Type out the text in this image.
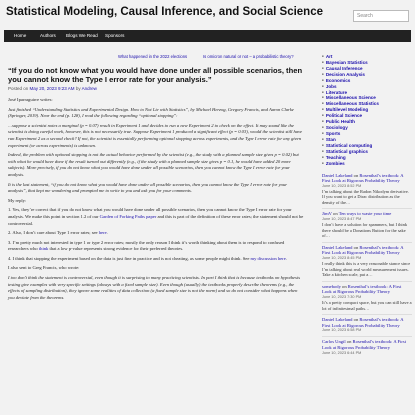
Statistical Modeling, Causal Inference, and Social Science	Search
Home	Authors Blogs We Read Sponsors
What happened in the 2022 elections	Is omicron natural or not – a probabilistic theory?
“If you do not know what you would have done under all possible scenarios, then you cannot know the Type I error rate for your analysis.”
Posted on May 20, 2023 9:23 AM by Andrew

José Iparraguirre writes:

Just finished “Understanding Statistics and Experimental Design. How to Not Lie with Statistics”, by Michael Herzog, Gregory Francis, and Aaron Clarke (Springer, 2019). Near the end (p. 128), I read the following regarding “optional stopping”:

…suppose a scientist notes a marginal (p = 0.07) result in Experiment 1 and decides to run a new Experiment 2 to check on the effect. It may sound like the scientist is doing careful work, however, this is not necessarily true. Suppose Experiment 1 produced a significant effect (p = 0.03), would the scientist still have run Experiment 2 as a second check? If not, the scientist is essentially performing optional stopping across experiments, and the Type I error rate for any given experiment (or across experiments) is unknown.

Indeed, the problem with optional stopping is not the actual behavior performed by the scientist (e.g., the study with a planned sample size gives p = 0.02) but with what he would have done if the result turned out differently (e.g., if the study with a planned sample size gives p = 0.1, he would have added 20 more subjects). More precisely, if you do not know what you would have done under all possible scenarios, then you cannot know the Type I error rate for your analysis.

It is the last statement, “if you do not know what you would have done under all possible scenarios, then you cannot know the Type I error rate for your analysis”, that kept me wondering and prompted me to write to you and ask you for your comments.

My reply:

1. Yes, they’re correct that if you do not know what you would have done under all possible scenarios, then you cannot know the Type I error rate for your analysis. We make this point in section 1.2 of our Garden of Forking Paths paper and this is part of the definition of these error rates; the statement should not be controversial.

2. Also, I don’t care about Type 1 error rates; see here.

3. I’m pretty much not interested in type 1 or type 2 error rates; mostly the only reason I think it’s worth thinking about them is to respond to confused researchers who think that a low p-value represents strong evidence for their preferred theories.

4. I think that stopping the experiment based on the data is just fine in practice and is not cheating, as some people might think. See my discussion here.

I also sent to Greg Francis, who wrote:

I too don’t think the statement is controversial, even though it is surprising to many practicing scientists. In part I think that is because textbooks on hypothesis testing give examples with very specific settings (always with a fixed sample size). Even though (usually) the textbooks properly describe theorems (e.g., the effects of sampling distribution), they ignore some realities of data collection (a fixed sample size is not the norm) and so do not consider what happens when you deviate from the theorems.

■ Art
■ Bayesian Statistics
■ Causal Inference
■ Decision Analysis
■ Economics
■ Jobs
■ Literature
■ Miscellaneous Science
■ Miscellaneous Statistics
■ Multilevel Modeling
■ Political Science
■ Public Health
■ Sociology
■ Sports
■ Stan
■ Statistical computing
■ Statistical graphics
■ Teaching
■ Zombies
Daniel Lakeland on Rosenthal’s textbook: A First Look at Rigorous Probability Theory
June 10, 2023 8:52 PM
I’m talking about the Radon Nikodym derivative. If you want to get a Dirac distribution as the density of the…
JimV on Ten ways to waste your time
June 10, 2023 8:47 PM
I don’t have a solution for spammers, but I think there should be a Donations Button for the sake of…
Daniel Lakeland on Rosenthal’s textbook: A First Look at Rigorous Probability Theory
June 10, 2023 8:45 PM
I really think this is a very reasonable stance since I’m talking about real world measurement issues. Take a kitchen scale, put a…
somebody on Rosenthal’s textbook: A First Look at Rigorous Probability Theory
June 10, 2023 7:30 PM
It’s a pretty compact space, but you can still have a lot of infinitesimal paths…
Daniel Lakeland on Rosenthal’s textbook: A First Look at Rigorous Probability Theory
June 10, 2023 6:58 PM
Carlos Ungil on Rosenthal’s textbook: A First Look at Rigorous Probability Theory
June 10, 2023 6:44 PM
